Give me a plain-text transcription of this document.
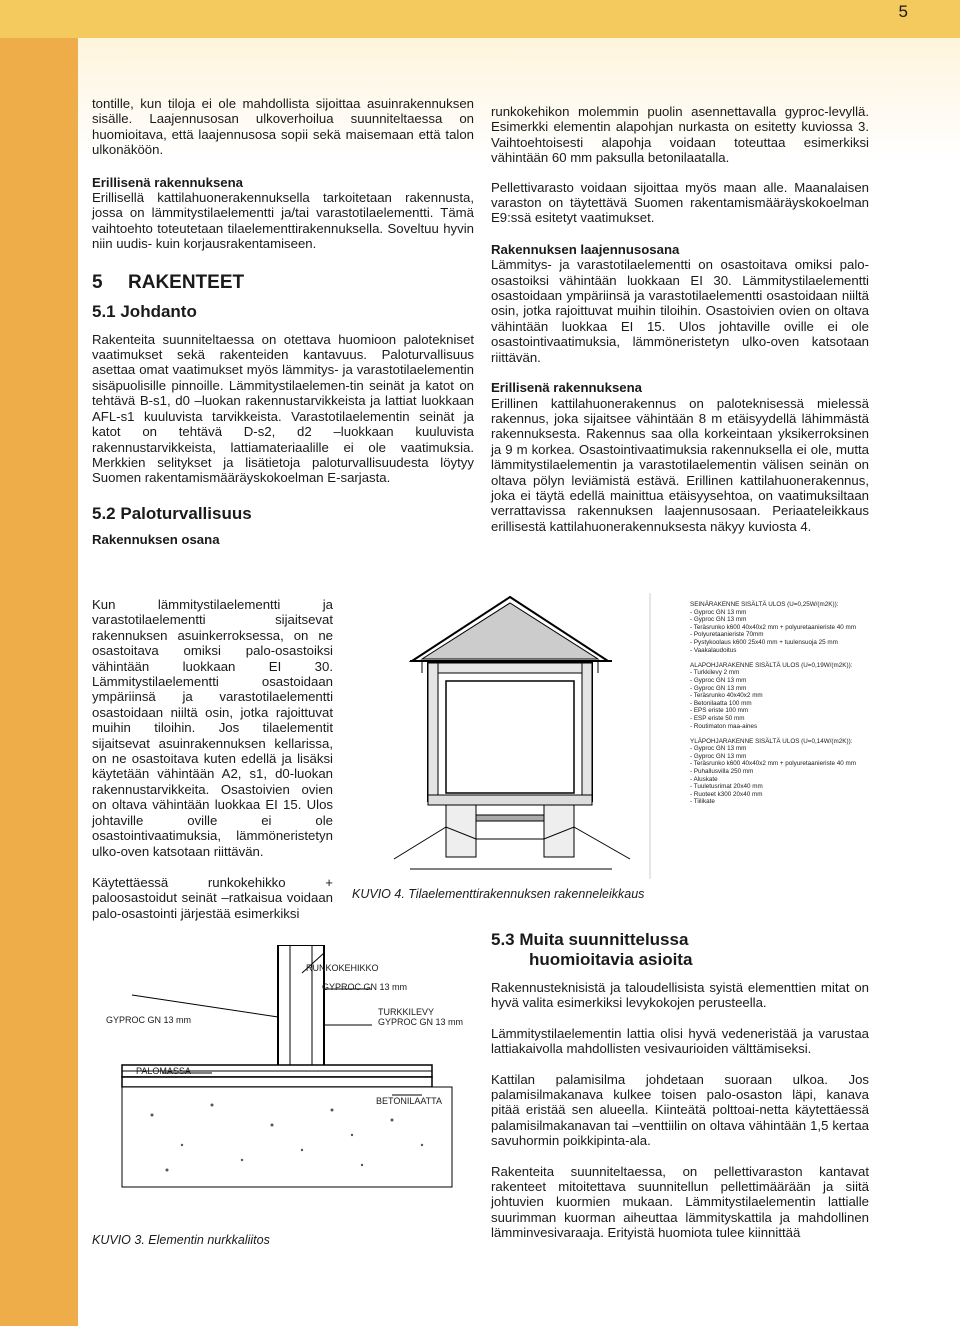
5

tontille, kun tiloja ei ole mahdollista sijoittaa asuinrakennuksen sisälle. Laajennusosan ulkoverhoilua suunniteltaessa on huomioitava, että laajennusosa sopii sekä maisemaan että talon ulkonäköön.

Erillisenä rakennuksena

Erillisellä kattilahuonerakennuksella tarkoitetaan rakennusta, jossa on lämmitystilaelementti ja/tai varastotilaelementti. Tämä vaihtoehto toteutetaan tilaelementtirakennuksella. Soveltuu hyvin niin uudis- kuin korjausrakentamiseen.

5 RAKENTEET
5.1 Johdanto

Rakenteita suunniteltaessa on otettava huomioon palotekniset vaatimukset sekä rakenteiden kantavuus. Paloturvallisuus asettaa omat vaatimukset myös lämmitys- ja varastotilaelementin sisäpuolisille pinnoille. Lämmitystilaelemen-tin seinät ja katot on tehtävä B-s1, d0 –luokan rakennustarvikkeista ja lattiat luokkaan AFL-s1 kuuluvista tarvikkeista. Varastotilaelementin seinät ja katot on tehtävä D-s2, d2 –luokkaan kuuluvista rakennustarvikkeista, lattiamateriaalille ei ole vaatimuksia. Merkkien selitykset ja lisätietoja paloturvallisuudesta löytyy Suomen rakentamismääräyskokoelman E-sarjasta.

5.2 Paloturvallisuus
Rakennuksen osana

Kun lämmitystilaelementti ja varastotilaelementti sijaitsevat rakennuksen asuinkerroksessa, on ne osastoitava omiksi palo-osastoiksi vähintään luokkaan EI 30. Lämmitystilaelementti osastoidaan ympäriinsä ja varastotilaelementti osastoidaan niiltä osin, jotka rajoittuvat muihin tiloihin. Jos tilaelementit sijaitsevat asuinrakennuksen kellarissa, on ne osastoitava kuten edellä ja lisäksi käytetään vähintään A2, s1, d0-luokan rakennustarvikkeita. Osastoivien ovien on oltava vähintään luokkaa EI 15. Ulos johtaville oville ei ole osastointivaatimuksia, lämmöneristetyn ulko-oven katsotaan riittävän.

Käytettäessä runkokehikko + paloosastoidut seinät –ratkaisua voidaan palo-osastointi järjestää esimerkiksi

runkokehikon molemmin puolin asennettavalla gyproc-levyllä. Esimerkki elementin alapohjan nurkasta on esitetty kuviossa 3. Vaihtoehtoisesti alapohja voidaan toteuttaa esimerkiksi vähintään 60 mm paksulla betonilaatalla.

Pellettivarasto voidaan sijoittaa myös maan alle. Maanalaisen varaston on täytettävä Suomen rakentamismääräyskokoelman E9:ssä esitetyt vaatimukset.

Rakennuksen laajennusosana

Lämmitys- ja varastotilaelementti on osastoitava omiksi palo-osastoiksi vähintään luokkaan EI 30. Lämmitystilaelementti osastoidaan ympäriinsä ja varastotilaelementti osastoidaan niiltä osin, jotka rajoittuvat muihin tiloihin. Osastoivien ovien on oltava vähintään luokkaa EI 15. Ulos johtaville oville ei ole osastointivaatimuksia, lämmöneristetyn ulko-oven katsotaan riittävän.

Erillisenä rakennuksena

Erillinen kattilahuonerakennus on paloteknisessä mielessä rakennus, joka sijaitsee vähintään 8 m etäisyydellä lähimmästä rakennuksesta. Rakennus saa olla korkeintaan yksikerroksinen ja 9 m korkea. Osastointivaatimuksia rakennuksella ei ole, mutta lämmitystilaelementin ja varastotilaelementin välisen seinän on oltava pölyn leviämistä estävä. Erillinen kattilahuonerakennus, joka ei täytä edellä mainittua etäisyysehtoa, on vaatimuksiltaan verrattavissa rakennuksen laajennusosaan. Periaateleikkaus erillisestä kattilahuonerakennuksesta näkyy kuviosta 4.

SEINÄRAKENNE SISÄLTÄ ULOS (U=0,25W/(m2K)):
- Gyproc GN 13 mm
- Gyproc GN 13 mm
- Teräsrunko k600 40x40x2 mm + polyuretaanieriste 40 mm
- Polyuretaanieriste 70mm
- Pystykoolaus k600 25x40 mm + tuulensuoja 25 mm
- Vaakalaudoitus

ALAPOHJARAKENNE SISÄLTÄ ULOS (U=0,19W/(m2K)):
- Turkkilevy 2 mm
- Gyproc GN 13 mm
- Gyproc GN 13 mm
- Teräsrunko 40x40x2 mm
- Betonilaatta 100 mm
- EPS eriste 100 mm
- ESP eriste 50 mm
- Routimaton maa-aines

YLÄPOHJARAKENNE SISÄLTÄ ULOS (U=0,14W/(m2K)):
- Gyproc GN 13 mm
- Gyproc GN 13 mm
- Teräsrunko k600 40x40x2 mm + polyuretaanieriste 40 mm
- Puhallusvilla 250 mm
- Aluskate
- Tuuletusrimat 20x40 mm
- Ruoteet k300 20x40 mm
- Tiilikate
KUVIO 4. Tilaelementtirakennuksen rakenneleikkaus
5.3 Muita suunnittelussa
huomioitavia asioita

Rakennusteknisistä ja taloudellisista syistä elementtien mitat on hyvä valita esimerkiksi levykokojen perusteella.

Lämmitystilaelementin lattia olisi hyvä vedeneristää ja varustaa lattiakaivolla mahdollisten vesivaurioiden välttämiseksi.

Kattilan palamisilma johdetaan suoraan ulkoa. Jos palamisilmakanava kulkee toisen palo-osaston läpi, kanava pitää eristää sen alueella. Kiinteätä polttoai-netta käytettäessä palamisilmakanavan tai –venttiilin on oltava vähintään 1,5 kertaa savuhormin poikkipinta-ala.

Rakenteita suunniteltaessa, on pellettivaraston kantavat rakenteet mitoitettava suunnitellun pellettimäärään ja siitä johtuvien kuormien mukaan. Lämmitystilaelementin lattialle suurimman kuorman aiheuttaa lämmityskattila ja mahdollinen lämminvesivaraaja. Erityistä huomiota tulee kiinnittää

RUNKOKEHIKKO
GYPROC GN 13 mm
GYPROC GN 13 mm
TURKKILEVY
GYPROC GN 13 mm
PALOMASSA
BETONILAATTA
KUVIO 3. Elementin nurkkaliitos
